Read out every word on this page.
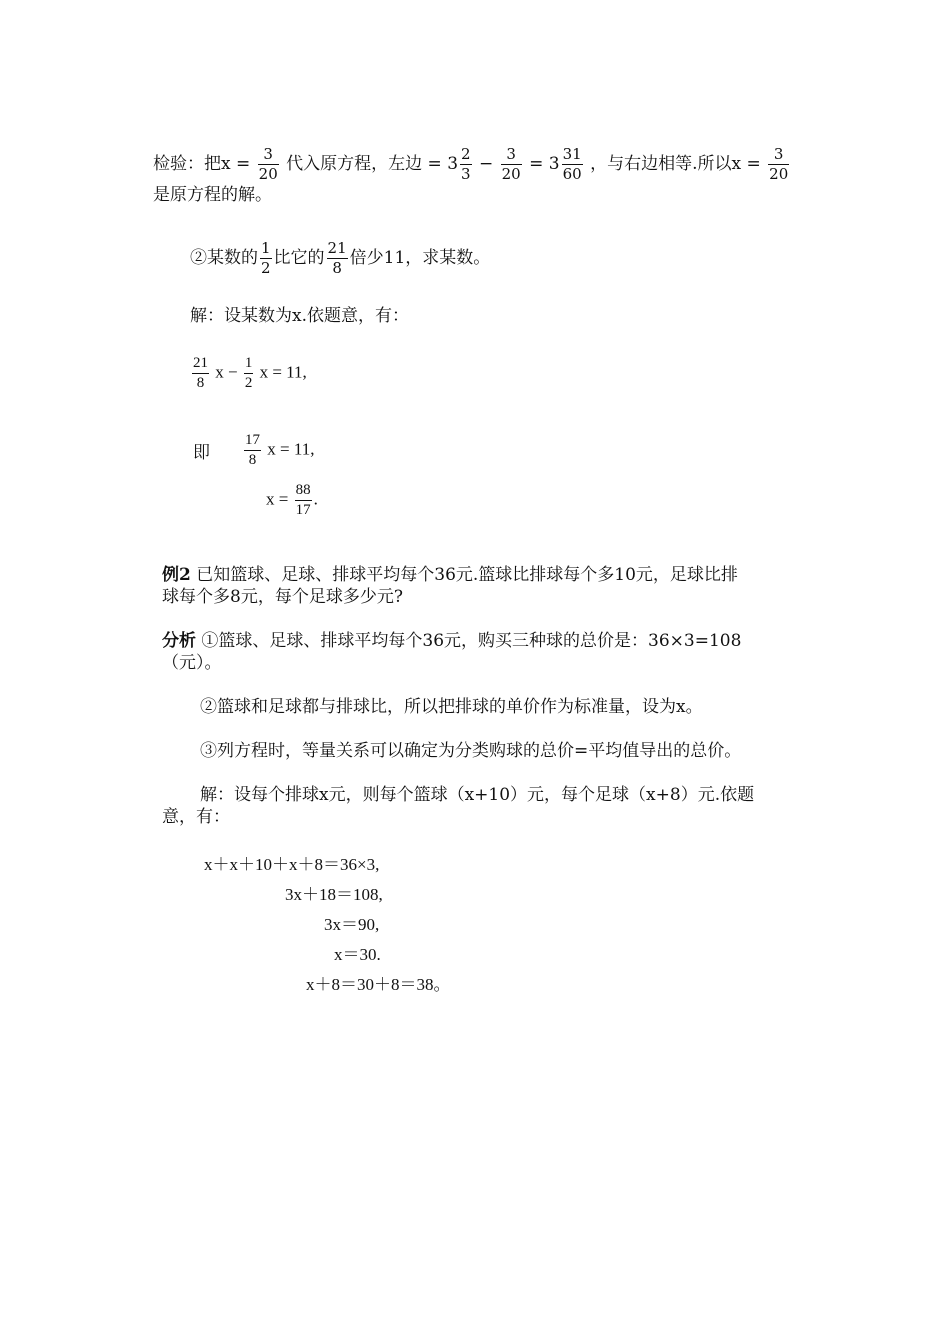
检验：把$x = \frac{3}{20}$ 代入原方程，左边 = $3 \frac{2}{3} - \frac{3}{20} = 3 \frac{31}{60}$ ，与右边相等.所以$x = \frac{3}{20}$
是原方程的解。
②某数的 $\frac{1}{2}$ 比它的 $\frac{21}{8}$ 倍少11，求某数。
解：设某数为x.依题意，有：
$\frac{21}{8}$ $x - \frac{1}{2}$ x = 11,
即 $\frac{17}{8}$ x = 11,
$x = \frac{88}{17}$ .
例2 已知篮球、足球、排球平均每个36元.篮球比排球每个多10元，足球比排
球每个多8元，每个足球多少元?
分析 ①篮球、足球、排球平均每个36元，购买三种球的总价是：36×3=108
（元）。
②篮球和足球都与排球比，所以把排球的单价作为标准量，设为x。
③列方程时，等量关系可以确定为分类购球的总价=平均值导出的总价。
解：设每个排球x元，则每个篮球（x+10）元，每个足球（x+8）元.依题
意，有：
x＋x＋10＋x＋8＝36×3,
3x＋18＝108,
3x＝90,
x＝30.
x＋8＝30＋8＝38。
